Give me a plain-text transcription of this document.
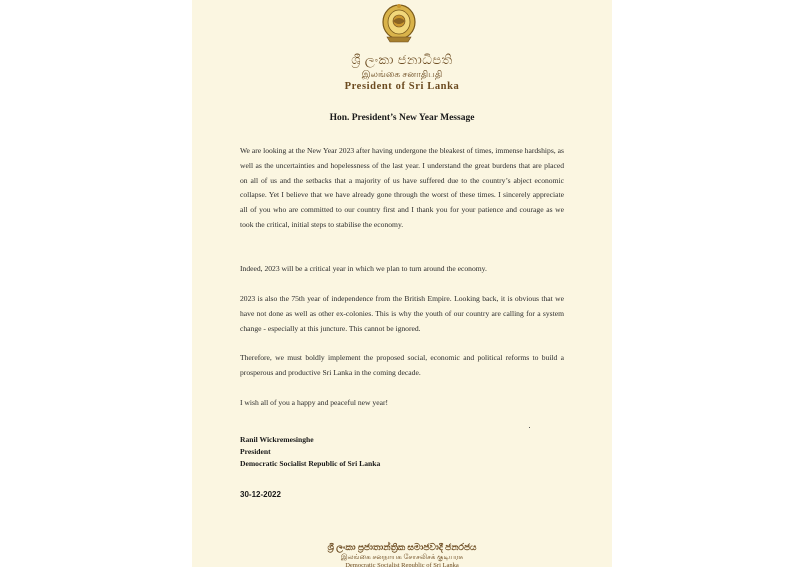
ශ්‍රී ලංකා ජනාධිපති
இலங்கை சனாதிபதி
President of Sri Lanka
Hon. President’s New Year Message

We are looking at the New Year 2023 after having undergone the bleakest of times, immense hardships, as well as the uncertainties and hopelessness of the last year. I understand the great burdens that are placed on all of us and the setbacks that a majority of us have suffered due to the country’s abject economic collapse. Yet I believe that we have already gone through the worst of these times. I sincerely appreciate all of you who are committed to our country first and I thank you for your patience and courage as we took the critical, initial steps to stabilise the economy.

Indeed, 2023 will be a critical year in which we plan to turn around the economy.

2023 is also the 75th year of independence from the British Empire. Looking back, it is obvious that we have not done as well as other ex-colonies. This is why the youth of our country are calling for a system change - especially at this juncture. This cannot be ignored.

Therefore, we must boldly implement the proposed social, economic and political reforms to build a prosperous and productive Sri Lanka in the coming decade.

I wish all of you a happy and peaceful new year!

Ranil Wickremesinghe
President
Democratic Socialist Republic of Sri Lanka
30-12-2022
ශ්‍රී ලංකා ප්‍රජාතාන්ත්‍රික සමාජවාදී ජනරජය
இலங்கை சனநாயக சோசலிசக் குடியரசு
Democratic Socialist Republic of Sri Lanka
